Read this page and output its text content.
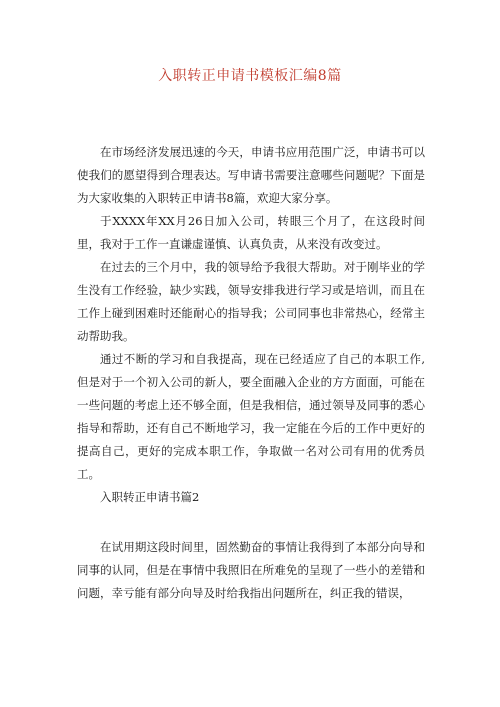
入职转正申请书模板汇编8篇

在市场经济发展迅速的今天，申请书应用范围广泛，申请书可以使我们的愿望得到合理表达。写申请书需要注意哪些问题呢？下面是为大家收集的入职转正申请书8篇，欢迎大家分享。

于XXXX年XX月26日加入公司，转眼三个月了，在这段时间里，我对于工作一直谦虚谨慎、认真负责，从来没有改变过。

在过去的三个月中，我的领导给予我很大帮助。对于刚毕业的学生没有工作经验，缺少实践，领导安排我进行学习或是培训，而且在工作上碰到困难时还能耐心的指导我；公司同事也非常热心，经常主动帮助我。

通过不断的学习和自我提高，现在已经适应了自己的本职工作,但是对于一个初入公司的新人，要全面融入企业的方方面面，可能在一些问题的考虑上还不够全面，但是我相信，通过领导及同事的悉心指导和帮助，还有自己不断地学习，我一定能在今后的工作中更好的提高自己，更好的完成本职工作，争取做一名对公司有用的优秀员工。

入职转正申请书篇2

在试用期这段时间里，固然勤奋的事情让我得到了本部分向导和同事的认同，但是在事情中我照旧在所难免的呈现了一些小的差错和问题，幸亏能有部分向导及时给我指出问题所在，纠正我的错误，
